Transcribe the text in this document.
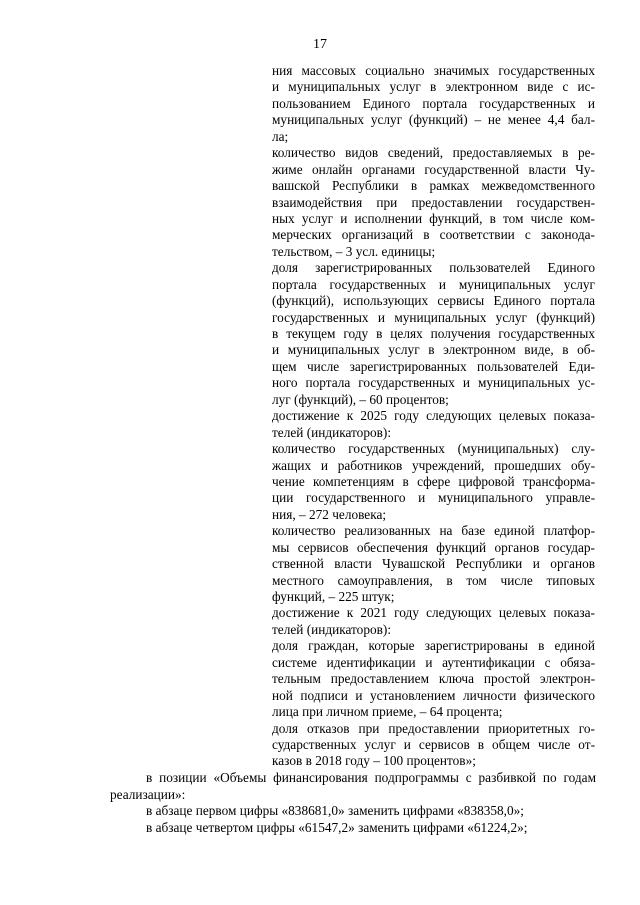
17
ния массовых социально значимых государственных
и муниципальных услуг в электронном виде с ис-
пользованием Единого портала государственных и
муниципальных услуг (функций) – не менее 4,4 бал-
ла;
количество видов сведений, предоставляемых в ре-
жиме онлайн органами государственной власти Чу-
вашской Республики в рамках межведомственного
взаимодействия при предоставлении государствен-
ных услуг и исполнении функций, в том числе ком-
мерческих организаций в соответствии с законода-
тельством, – 3 усл. единицы;
доля зарегистрированных пользователей Единого
портала государственных и муниципальных услуг
(функций), использующих сервисы Единого портала
государственных и муниципальных услуг (функций)
в текущем году в целях получения государственных
и муниципальных услуг в электронном виде, в об-
щем числе зарегистрированных пользователей Еди-
ного портала государственных и муниципальных ус-
луг (функций), – 60 процентов;
достижение к 2025 году следующих целевых показа-
телей (индикаторов):
количество государственных (муниципальных) слу-
жащих и работников учреждений, прошедших обу-
чение компетенциям в сфере цифровой трансформа-
ции государственного и муниципального управле-
ния, – 272 человека;
количество реализованных на базе единой платфор-
мы сервисов обеспечения функций органов государ-
ственной власти Чувашской Республики и органов
местного самоуправления, в том числе типовых
функций, – 225 штук;
достижение к 2021 году следующих целевых показа-
телей (индикаторов):
доля граждан, которые зарегистрированы в единой
системе идентификации и аутентификации с обяза-
тельным предоставлением ключа простой электрон-
ной подписи и установлением личности физического
лица при личном приеме, – 64 процента;
доля отказов при предоставлении приоритетных го-
сударственных услуг и сервисов в общем числе от-
казов в 2018 году – 100 процентов»;
в позиции «Объемы финансирования подпрограммы с разбивкой по годам
реализации»:
в абзаце первом цифры «838681,0» заменить цифрами «838358,0»;
в абзаце четвертом цифры «61547,2» заменить цифрами «61224,2»;
